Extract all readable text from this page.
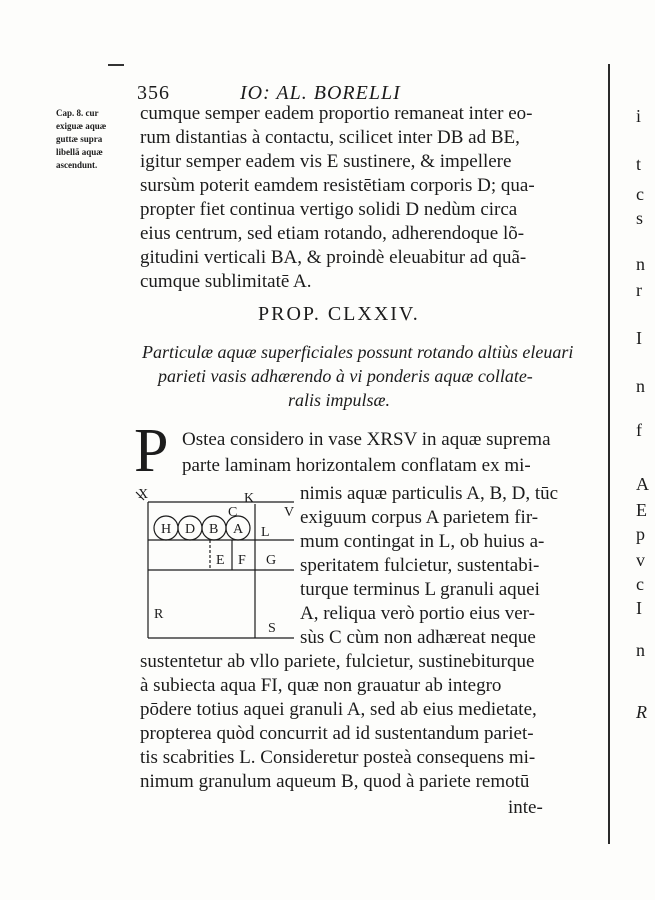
356	IO: AL. BORELLI
Cap. 8. cur
exiguæ aquæ
guttæ supra
libellã aquæ
ascendunt.
cumque semper eadem proportio remaneat inter eo-
rum distantias à contactu, scilicet inter DB ad BE,
igitur semper eadem vis E sustinere, & impellere
sursùm poterit eamdem resistētiam corporis D; qua-
propter fiet continua vertigo solidi D nedùm circa
eius centrum, sed etiam rotando, adherendoque lõ-
gitudini verticali BA, & proindè eleuabitur ad quã-
cumque sublimitatē A.
PROP. CLXXIV.
Particulæ aquæ superficiales possunt rotando altiùs eleuari
parieti vasis adhærendo à vi ponderis aquæ collate-
ralis impulsæ.
P Ostea considero in vase XRSV in aquæ suprema
parte laminam horizontalem conflatam ex mi-
X	K
V
C
H D B A L
E F G
R
S
nimis aquæ particulis A, B, D, tūc
exiguum corpus A parietem fir-
mum contingat in L, ob huius a-
speritatem fulcietur, sustentabi-
turque terminus L granuli aquei
A, reliqua verò portio eius ver-
sùs C cùm non adhæreat neque
sustentetur ab vllo pariete, fulcietur, sustinebiturque
à subiecta aqua FI, quæ non grauatur ab integro
pōdere totius aquei granuli A, sed ab eius medietate,
propterea quòd concurrit ad id sustentandum pariet-
tis scabrities L. Consideretur posteà consequens mi-
nimum granulum aqueum B, quod à pariete remotū
inte-
i
t
c
s
n
r
I
n
f
A
E
p
v
c
I
n
R
